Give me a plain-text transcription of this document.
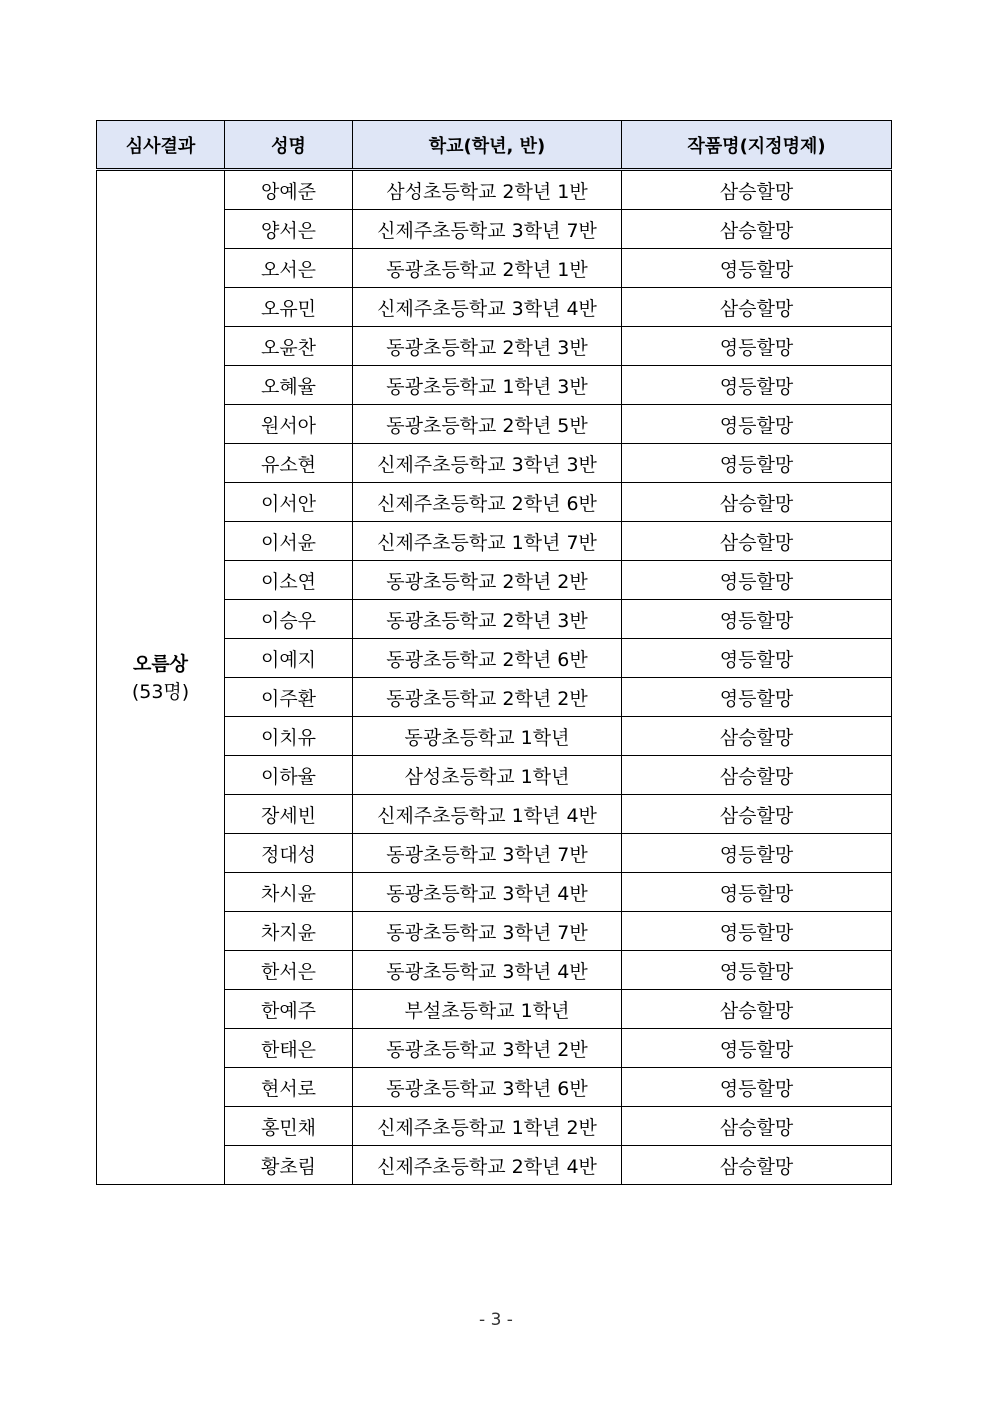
심사결과	성명	학교(학년, 반)	작품명(지정명제)

오름상
(53명)	앙예준	삼성초등학교 2학년 1반	삼승할망
	양서은	신제주초등학교 3학년 7반	삼승할망
	오서은	동광초등학교 2학년 1반	영등할망
	오유민	신제주초등학교 3학년 4반	삼승할망
	오윤찬	동광초등학교 2학년 3반	영등할망
	오혜율	동광초등학교 1학년 3반	영등할망
	원서아	동광초등학교 2학년 5반	영등할망
	유소현	신제주초등학교 3학년 3반	영등할망
	이서안	신제주초등학교 2학년 6반	삼승할망
	이서윤	신제주초등학교 1학년 7반	삼승할망
	이소연	동광초등학교 2학년 2반	영등할망
	이승우	동광초등학교 2학년 3반	영등할망
	이예지	동광초등학교 2학년 6반	영등할망
	이주환	동광초등학교 2학년 2반	영등할망
	이치유	동광초등학교 1학년	삼승할망
	이하율	삼성초등학교 1학년	삼승할망
	장세빈	신제주초등학교 1학년 4반	삼승할망
	정대성	동광초등학교 3학년 7반	영등할망
	차시윤	동광초등학교 3학년 4반	영등할망
	차지윤	동광초등학교 3학년 7반	영등할망
	한서은	동광초등학교 3학년 4반	영등할망
	한예주	부설초등학교 1학년	삼승할망
	한태은	동광초등학교 3학년 2반	영등할망
	현서로	동광초등학교 3학년 6반	영등할망
	홍민채	신제주초등학교 1학년 2반	삼승할망
	황초림	신제주초등학교 2학년 4반	삼승할망
- 3 -
